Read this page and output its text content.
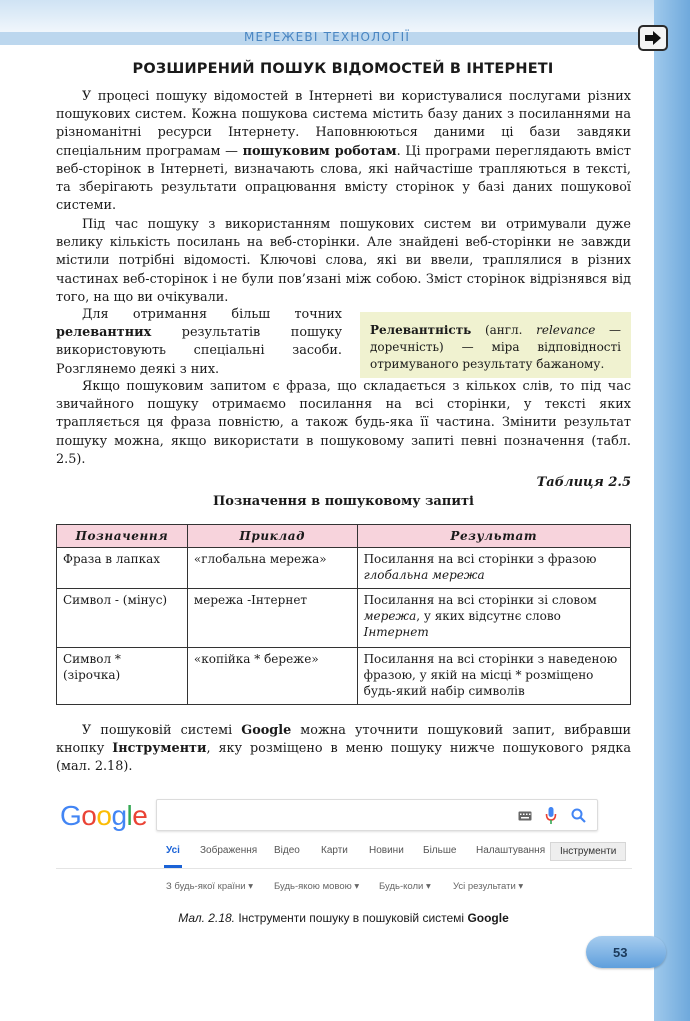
МЕРЕЖЕВІ ТЕХНОЛОГІЇ
РОЗШИРЕНИЙ ПОШУК ВІДОМОСТЕЙ В ІНТЕРНЕТІ
У процесі пошуку відомостей в Інтернеті ви користувалися послугами різних пошукових систем. Кожна пошукова система містить базу даних з посиланнями на різноманітні ресурси Інтернету. Наповнюються даними ці бази завдяки спеціальним програмам — пошуковим роботам. Ці програми переглядають вміст веб-сторінок в Інтернеті, визначають слова, які найчастіше трапляються в тексті, та зберігають результати опрацювання вмісту сторінок у базі даних пошукової системи.
Під час пошуку з використанням пошукових систем ви отримували дуже велику кількість посилань на веб-сторінки. Але знайдені веб-сторінки не завжди містили потрібні відомості. Ключові слова, які ви ввели, траплялися в різних частинах веб-сторінок і не були пов’язані між собою. Зміст сторінок відрізнявся від того, на що ви очікували.
Для отримання більш точних релевантних результатів пошуку використовують спеціальні засоби. Розглянемо деякі з них.
Релевантність (англ. relevance — доречність) — міра відповідності отримуваного результату бажаному.
Якщо пошуковим запитом є фраза, що складається з кількох слів, то під час звичайного пошуку отримаємо посилання на всі сторінки, у тексті яких трапляється ця фраза повністю, а також будь-яка її частина. Змінити результат пошуку можна, якщо використати в пошуковому запиті певні позначення (табл. 2.5).
Таблиця 2.5
Позначення в пошуковому запиті
Позначення	Приклад	Результат
Фраза в лапках	«глобальна мережа»	Посилання на всі сторінки з фразою глобальна мережа
Символ - (мінус)	мережа -Інтернет	Посилання на всі сторінки зі словом мережа, у яких відсутнє слово Інтернет
Символ * (зірочка)	«копійка * береже»	Посилання на всі сторінки з наведеною фразою, у якій на місці * розміщено будь-який набір символів
У пошуковій системі Google можна уточнити пошуковий запит, вибравши кнопку Інструменти, яку розміщено в меню пошуку нижче пошукового рядка (мал. 2.18).
Google
Усі Зображення Відео Карти Новини Більше Налаштування	Інструменти
З будь-якої країни ▾ Будь-якою мовою ▾ Будь-коли ▾ Усі результати ▾
Мал. 2.18. Інструменти пошуку в пошуковій системі Google
53
